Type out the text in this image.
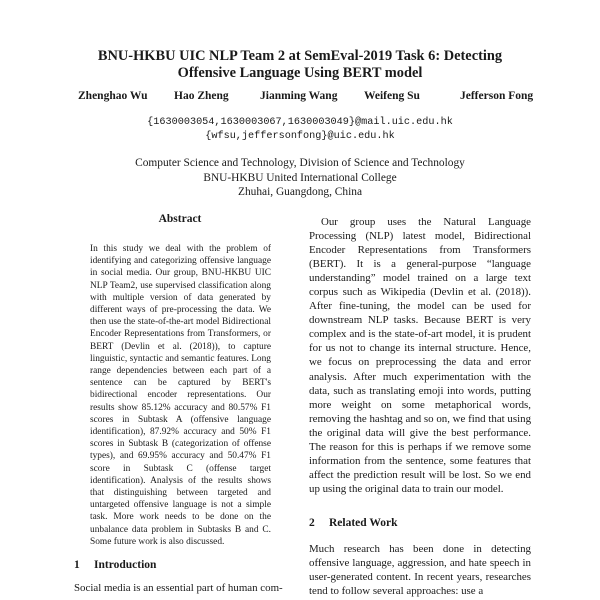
BNU-HKBU UIC NLP Team 2 at SemEval-2019 Task 6: Detecting
Offensive Language Using BERT model
Zhenghao Wu Hao Zheng	Jianming Wang Weifeng Su	Jefferson Fong
{1630003054,1630003067,1630003049}@mail.uic.edu.hk
{wfsu,jeffersonfong}@uic.edu.hk
Computer Science and Technology, Division of Science and Technology
BNU-HKBU United International College
Zhuhai, Guangdong, China
Abstract

In this study we deal with the problem of identifying and categorizing offensive language in social media. Our group, BNU-HKBU UIC NLP Team2, use supervised classification along with multiple version of data generated by different ways of pre-processing the data. We then use the state-of-the-art model Bidirectional Encoder Representations from Transformers, or BERT (Devlin et al. (2018)), to capture linguistic, syntactic and semantic features. Long range dependencies between each part of a sentence can be captured by BERT's bidirectional encoder representations. Our results show 85.12% accuracy and 80.57% F1 scores in Subtask A (offensive language identification), 87.92% accuracy and 50% F1 scores in Subtask B (categorization of offense types), and 69.95% accuracy and 50.47% F1 score in Subtask C (offense target identification). Analysis of the results shows that distinguishing between targeted and untargeted offensive language is not a simple task. More work needs to be done on the unbalance data problem in Subtasks B and C. Some future work is also discussed.

1 Introduction

Social media is an essential part of human com-

Our group uses the Natural Language Processing (NLP) latest model, Bidirectional Encoder Representations from Transformers (BERT). It is a general-purpose “language understanding” model trained on a large text corpus such as Wikipedia (Devlin et al. (2018)). After fine-tuning, the model can be used for downstream NLP tasks. Because BERT is very complex and is the state-of-art model, it is prudent for us not to change its internal structure. Hence, we focus on preprocessing the data and error analysis. After much experimentation with the data, such as translating emoji into words, putting more weight on some metaphorical words, removing the hashtag and so on, we find that using the original data will give the best performance. The reason for this is perhaps if we remove some information from the sentence, some features that affect the prediction result will be lost. So we end up using the original data to train our model.

2 Related Work

Much research has been done in detecting offensive language, aggression, and hate speech in user-generated content. In recent years, researches tend to follow several approaches: use a
